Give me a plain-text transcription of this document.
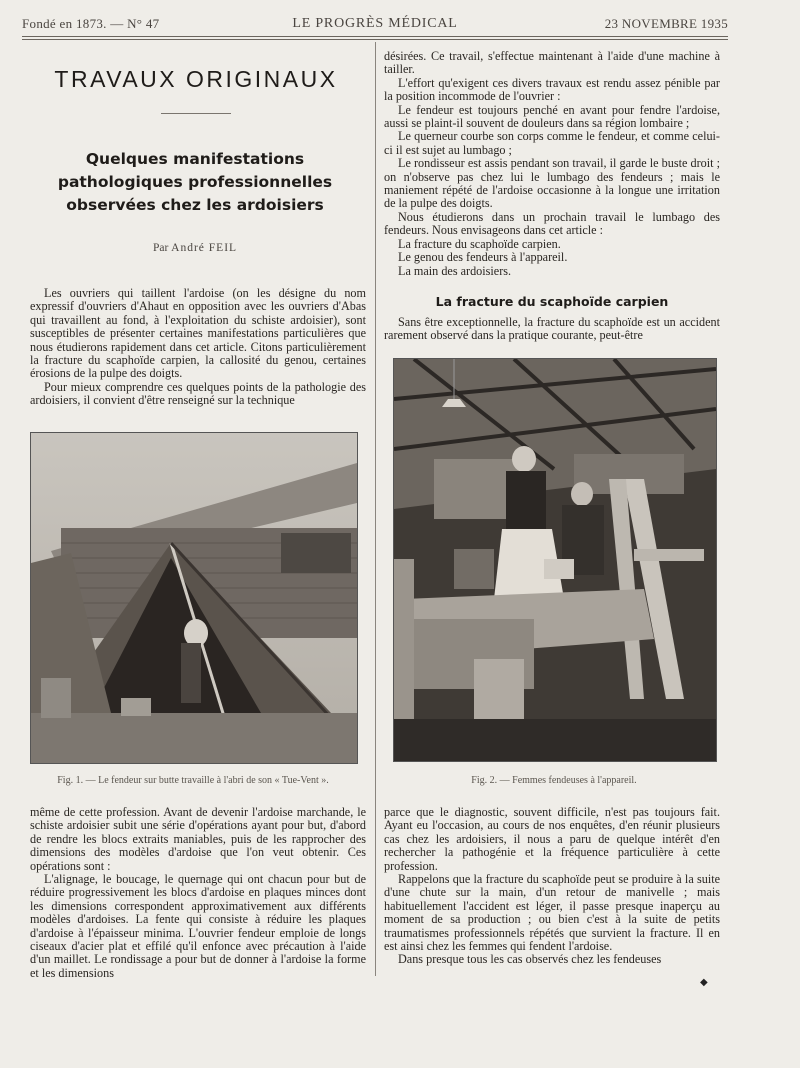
Fondé en 1873. — N° 47	LE PROGRÈS MÉDICAL	23 NOVEMBRE 1935
TRAVAUX ORIGINAUX
Quelques manifestations pathologiques professionnelles observées chez les ardoisiers
Par André FEIL

Les ouvriers qui taillent l'ardoise (on les désigne du nom expressif d'ouvriers d'Ahaut en opposition avec les ouvriers d'Abas qui travaillent au fond, à l'exploitation du schiste ardoisier), sont susceptibles de présenter certaines manifestations particulières que nous étudierons rapidement dans cet article. Citons particulièrement la fracture du scaphoïde carpien, la callosité du genou, certaines érosions de la pulpe des doigts.

Pour mieux comprendre ces quelques points de la pathologie des ardoisiers, il convient d'être renseigné sur la technique

Fig. 1. — Le fendeur sur butte travaille à l'abri de son « Tue-Vent ».

même de cette profession. Avant de devenir l'ardoise marchande, le schiste ardoisier subit une série d'opérations ayant pour but, d'abord de rendre les blocs extraits maniables, puis de les rapprocher des dimensions des modèles d'ardoise que l'on veut obtenir. Ces opérations sont :

L'alignage, le boucage, le quernage qui ont chacun pour but de réduire progressivement les blocs d'ardoise en plaques minces dont les dimensions correspondent approximativement aux différents modèles d'ardoises. La fente qui consiste à réduire les plaques d'ardoise à l'épaisseur minima. L'ouvrier fendeur emploie de longs ciseaux d'acier plat et effilé qu'il enfonce avec précaution à l'aide d'un maillet. Le rondissage a pour but de donner à l'ardoise la forme et les dimensions

désirées. Ce travail, s'effectue maintenant à l'aide d'une machine à tailler.

L'effort qu'exigent ces divers travaux est rendu assez pénible par la position incommode de l'ouvrier :

Le fendeur est toujours penché en avant pour fendre l'ardoise, aussi se plaint-il souvent de douleurs dans sa région lombaire ;

Le querneur courbe son corps comme le fendeur, et comme celui-ci il est sujet au lumbago ;

Le rondisseur est assis pendant son travail, il garde le buste droit ; on n'observe pas chez lui le lumbago des fendeurs ; mais le maniement répété de l'ardoise occasionne à la longue une irritation de la pulpe des doigts.

Nous étudierons dans un prochain travail le lumbago des fendeurs. Nous envisageons dans cet article :

La fracture du scaphoïde carpien.

Le genou des fendeurs à l'appareil.

La main des ardoisiers.

La fracture du scaphoïde carpien

Sans être exceptionnelle, la fracture du scaphoïde est un accident rarement observé dans la pratique courante, peut-être

Fig. 2. — Femmes fendeuses à l'appareil.

parce que le diagnostic, souvent difficile, n'est pas toujours fait. Ayant eu l'occasion, au cours de nos enquêtes, d'en réunir plusieurs cas chez les ardoisiers, il nous a paru de quelque intérêt d'en rechercher la pathogénie et la fréquence particulière à cette profession.

Rappelons que la fracture du scaphoïde peut se produire à la suite d'une chute sur la main, d'un retour de manivelle ; mais habituellement l'accident est léger, il passe presque inaperçu au moment de sa production ; ou bien c'est à la suite de petits traumatismes professionnels répétés que survient la fracture. Il en est ainsi chez les femmes qui fendent l'ardoise.

Dans presque tous les cas observés chez les fendeuses

◆
